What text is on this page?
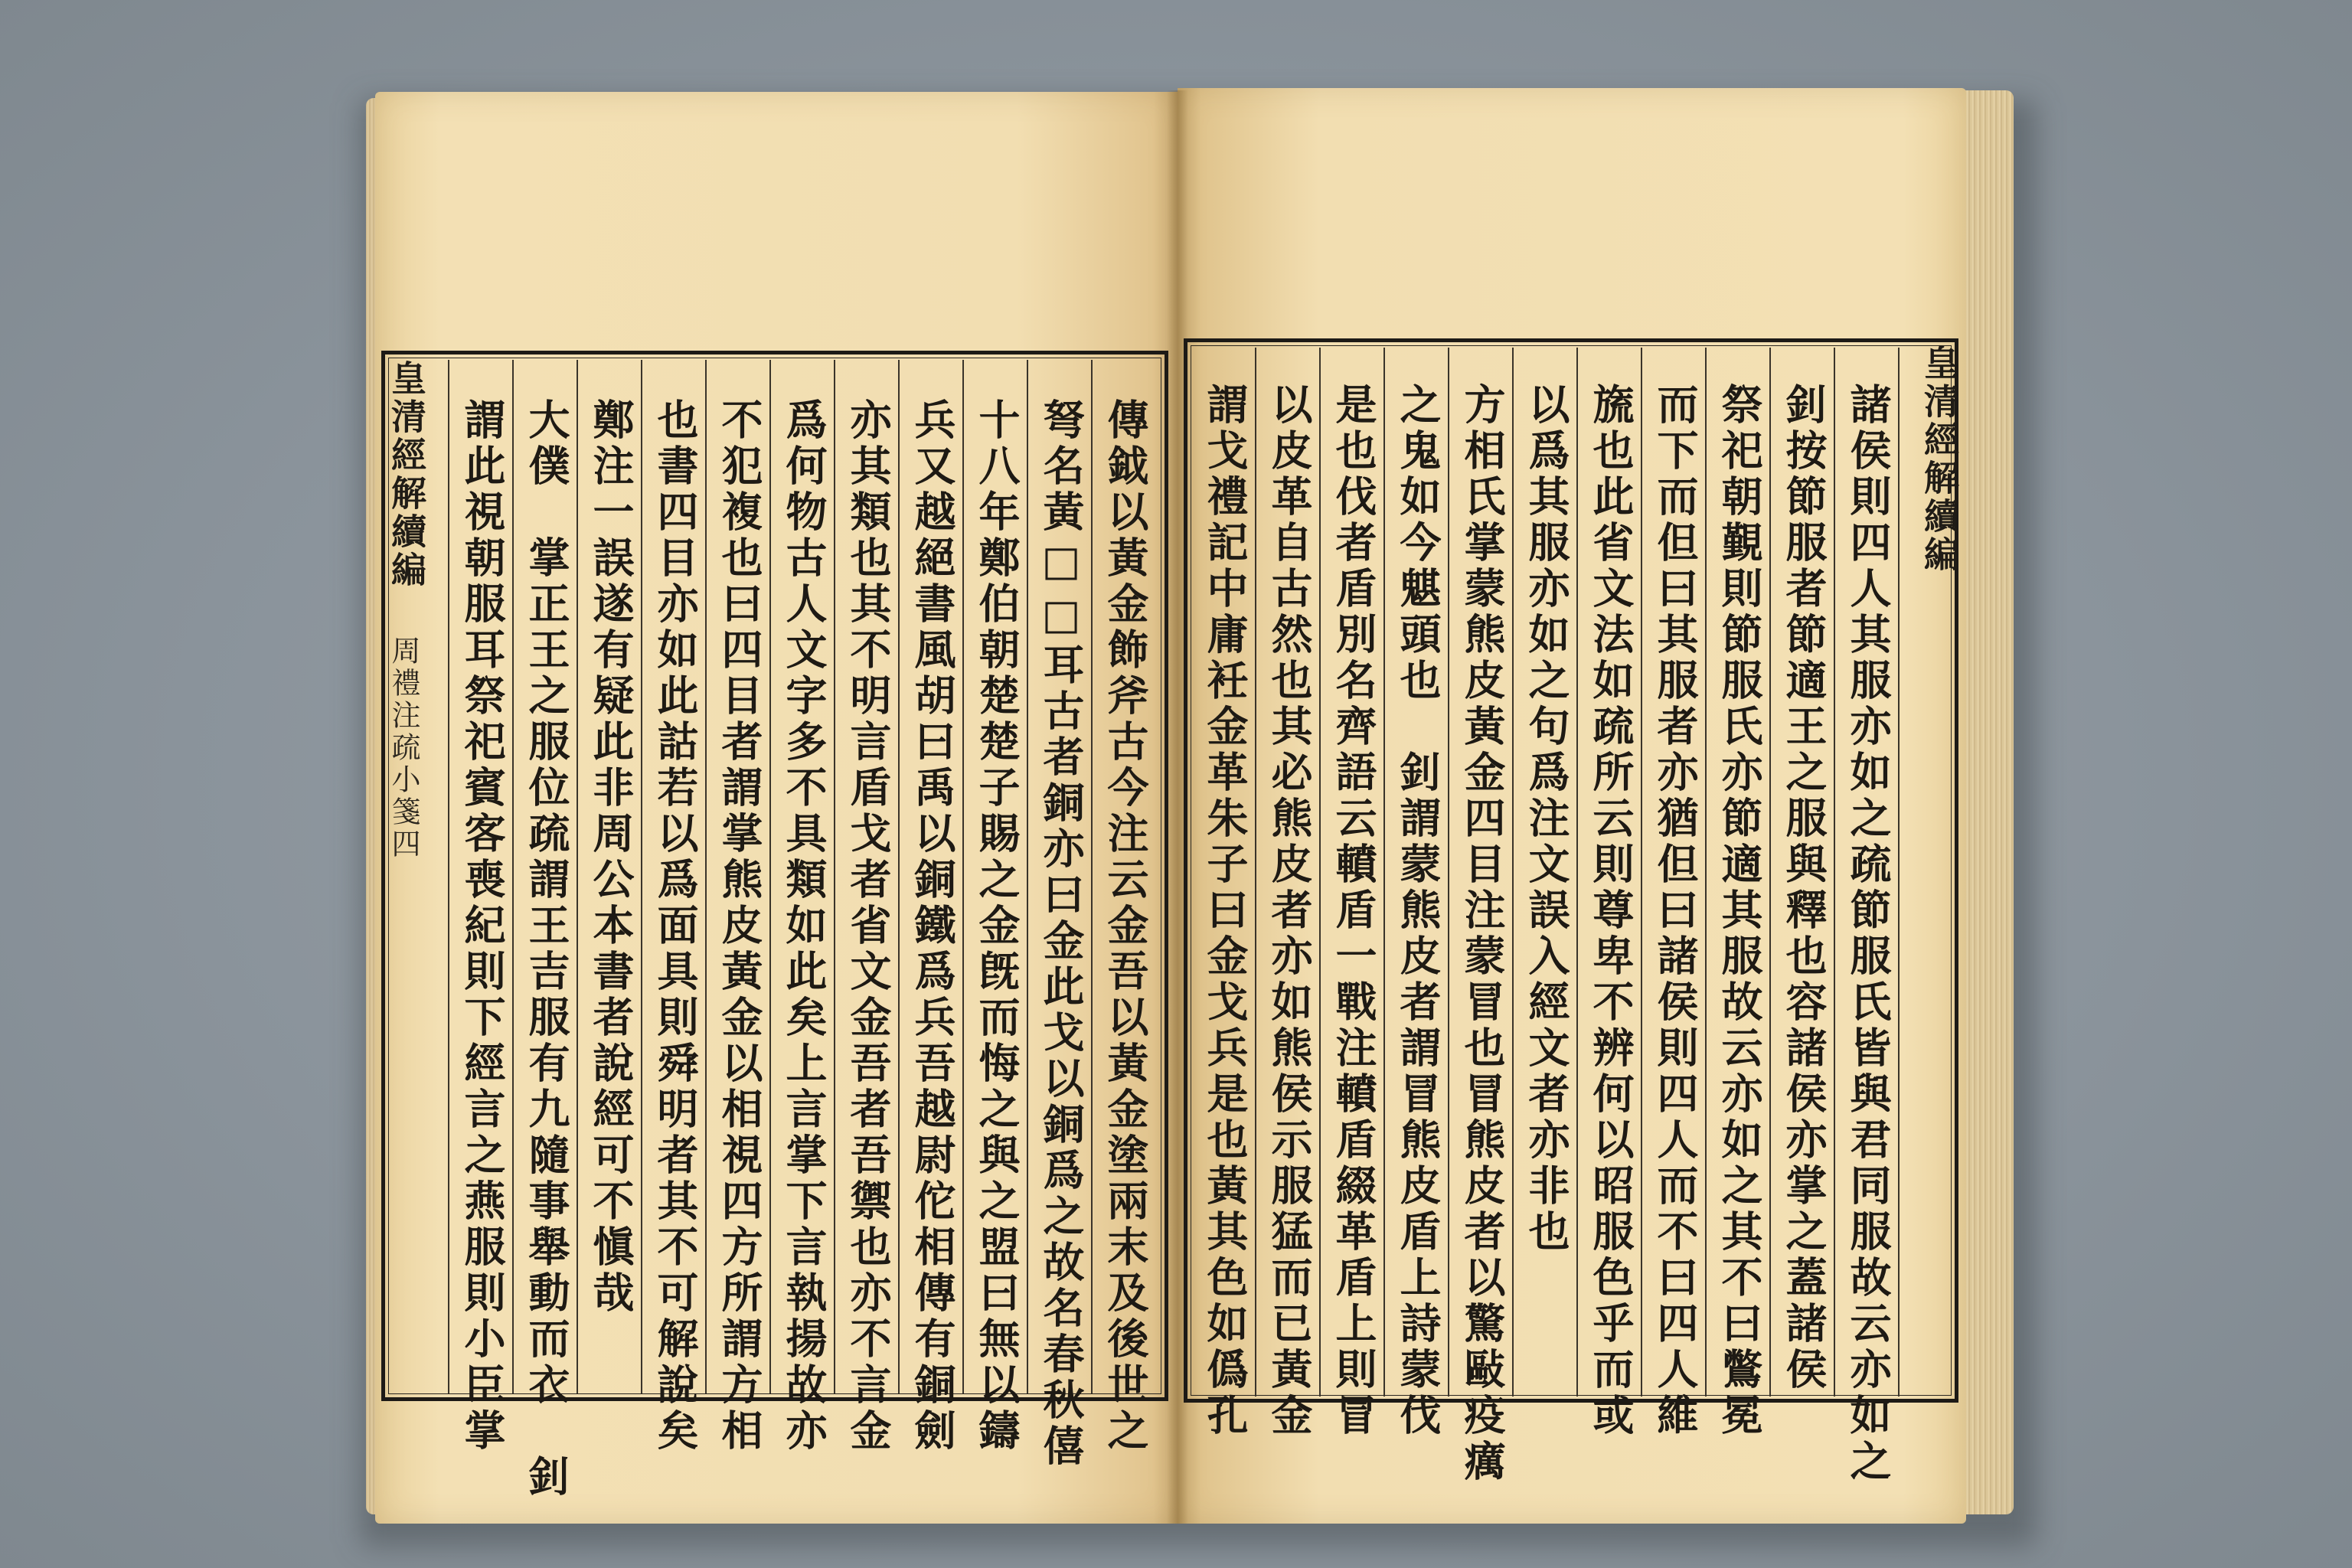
皇清經解續編
周禮注疏小箋四
皇清經解續編
傳鉞以黃金飾斧古今注云金吾以黃金塗兩末及後世之
弩名黃□□耳古者銅亦曰金此戈以銅爲之故名春秋僖
十八年鄭伯朝楚楚子賜之金旣而悔之與之盟曰無以鑄
兵又越絕書風胡曰禹以銅鐵爲兵吾越尉佗相傳有銅劍
亦其類也其不明言盾戈者省文金吾者吾禦也亦不言金
爲何物古人文字多不具類如此矣上言掌下言執揚故亦
不犯複也曰四目者謂掌熊皮黃金以相視四方所謂方相
也書四目亦如此詁若以爲面具則舜明者其不可解說矣
鄭注一誤遂有疑此非周公本書者說經可不愼哉
大僕　掌正王之服位疏謂王吉服有九隨事舉動而衣　釗
謂此視朝服耳祭祀賓客喪紀則下經言之燕服則小臣掌	諸侯則四人其服亦如之疏節服氏皆與君同服故云亦如之
釗按節服者節適王之服與釋也容諸侯亦掌之蓋諸侯
祭祀朝覲則節服氏亦節適其服故云亦如之其不曰鷩冕
而下而但曰其服者亦猶但曰諸侯則四人而不曰四人維
旒也此省文法如疏所云則尊卑不辨何以昭服色乎而或
以爲其服亦如之句爲注文誤入經文者亦非也
方相氏掌蒙熊皮黃金四目注蒙冒也冒熊皮者以驚敺疫癘
之鬼如今魌頭也　釗謂蒙熊皮者謂冒熊皮盾上詩蒙伐
是也伐者盾別名齊語云轒盾一戰注轒盾綴革盾上則冒
以皮革自古然也其必熊皮者亦如熊侯示服猛而已黃金
謂戈禮記中庸衽金革朱子曰金戈兵是也黃其色如僞孔
